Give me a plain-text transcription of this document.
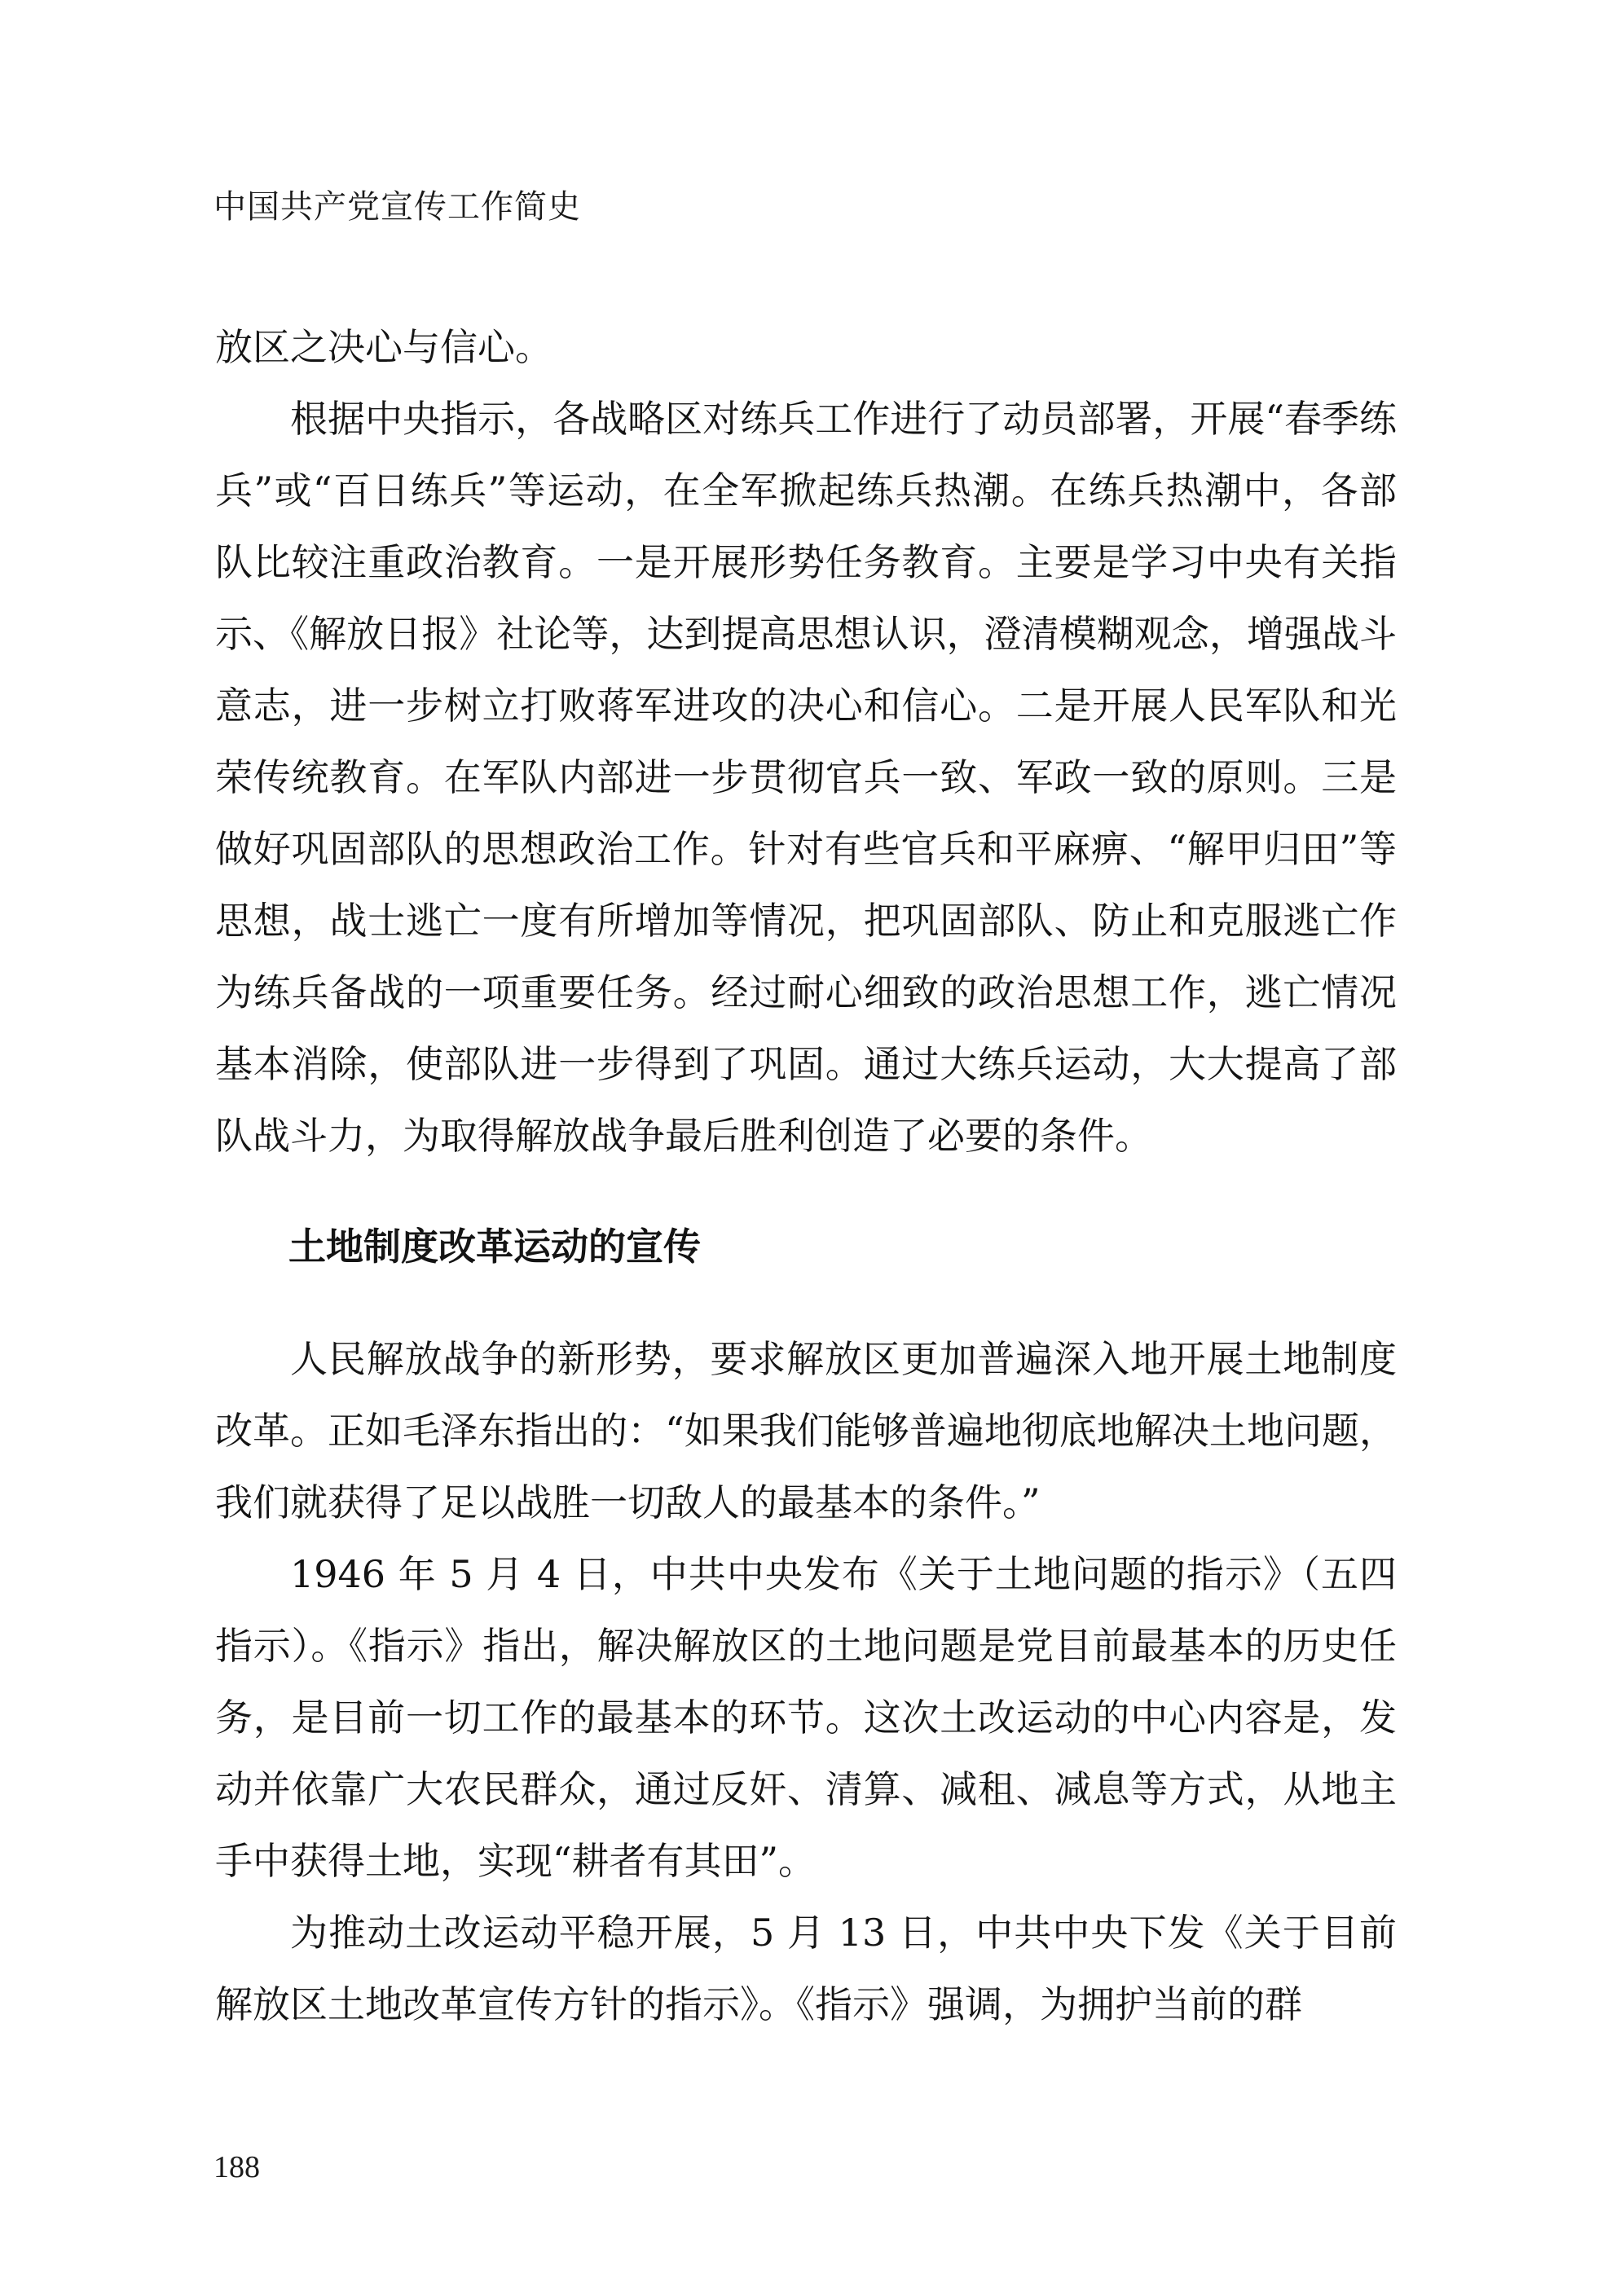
中国共产党宣传工作简史

放区之决心与信心。

根据中央指示，各战略区对练兵工作进行了动员部署，开展“春季练兵”或“百日练兵”等运动，在全军掀起练兵热潮。在练兵热潮中，各部队比较注重政治教育。一是开展形势任务教育。主要是学习中央有关指示、《解放日报》社论等，达到提高思想认识，澄清模糊观念，增强战斗意志，进一步树立打败蒋军进攻的决心和信心。二是开展人民军队和光荣传统教育。在军队内部进一步贯彻官兵一致、军政一致的原则。三是做好巩固部队的思想政治工作。针对有些官兵和平麻痹、“解甲归田”等思想，战士逃亡一度有所增加等情况，把巩固部队、防止和克服逃亡作为练兵备战的一项重要任务。经过耐心细致的政治思想工作，逃亡情况基本消除，使部队进一步得到了巩固。通过大练兵运动，大大提高了部队战斗力，为取得解放战争最后胜利创造了必要的条件。

土地制度改革运动的宣传

人民解放战争的新形势，要求解放区更加普遍深入地开展土地制度改革。正如毛泽东指出的：“如果我们能够普遍地彻底地解决土地问题，我们就获得了足以战胜一切敌人的最基本的条件。”

1946 年 5 月 4 日，中共中央发布《关于土地问题的指示》（五四指示）。《指示》指出，解决解放区的土地问题是党目前最基本的历史任务，是目前一切工作的最基本的环节。这次土改运动的中心内容是，发动并依靠广大农民群众，通过反奸、清算、减租、减息等方式，从地主手中获得土地，实现“耕者有其田”。

为推动土改运动平稳开展，5 月 13 日，中共中央下发《关于目前解放区土地改革宣传方针的指示》。《指示》强调，为拥护当前的群

188
